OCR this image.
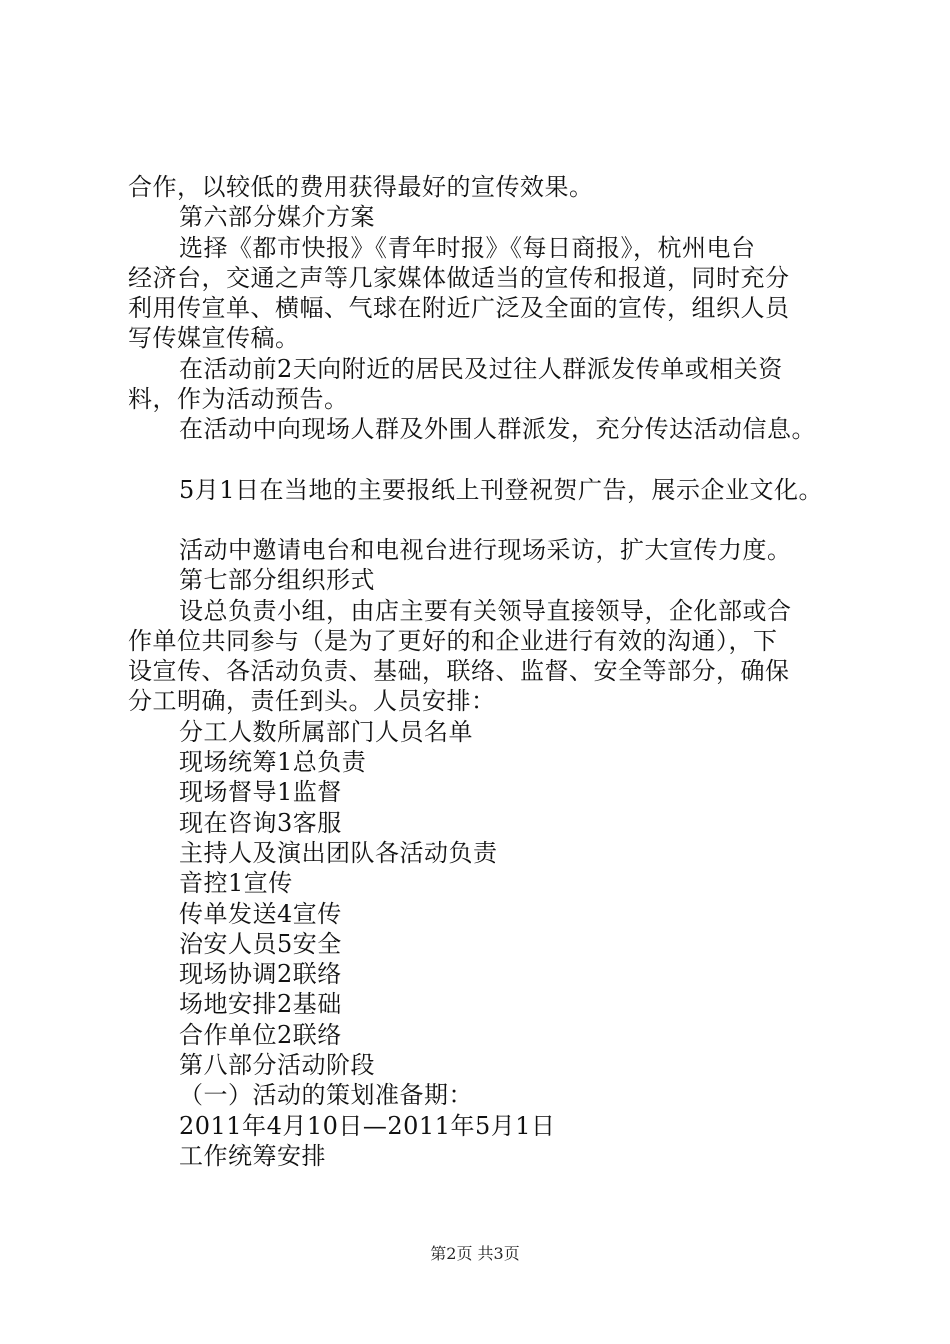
合作，以较低的费用获得最好的宣传效果。
第六部分媒介方案
选择《都市快报》《青年时报》《每日商报》，杭州电台
经济台，交通之声等几家媒体做适当的宣传和报道，同时充分
利用传宣单、横幅、气球在附近广泛及全面的宣传，组织人员
写传媒宣传稿。
在活动前2天向附近的居民及过往人群派发传单或相关资
料，作为活动预告。
在活动中向现场人群及外围人群派发，充分传达活动信息。
5月1日在当地的主要报纸上刊登祝贺广告，展示企业文化。
活动中邀请电台和电视台进行现场采访，扩大宣传力度。
第七部分组织形式
设总负责小组，由店主要有关领导直接领导，企化部或合
作单位共同参与（是为了更好的和企业进行有效的沟通），下
设宣传、各活动负责、基础，联络、监督、安全等部分，确保
分工明确，责任到头。人员安排：
分工人数所属部门人员名单
现场统筹1总负责
现场督导1监督
现在咨询3客服
主持人及演出团队各活动负责
音控1宣传
传单发送4宣传
治安人员5安全
现场协调2联络
场地安排2基础
合作单位2联络
第八部分活动阶段
（一）活动的策划准备期：
2011年4月10日—2011年5月1日
工作统筹安排
第2页 共3页
